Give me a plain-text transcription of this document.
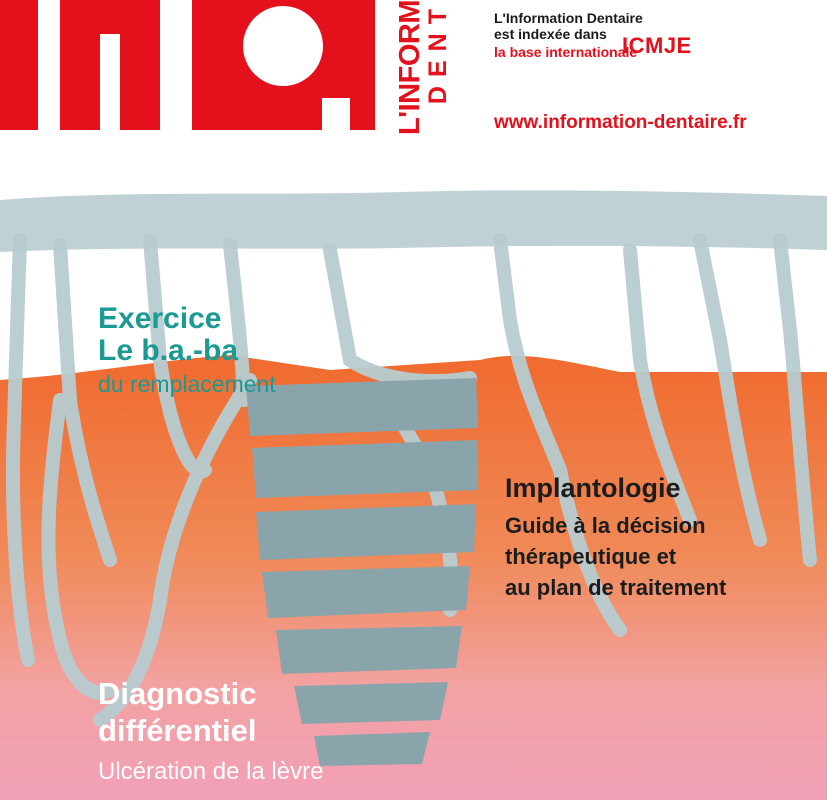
L'INFORM
DENT	L'Information Dentaire
est indexée dans
la base internationale
ICMJE
www.information-dentaire.fr
Exercice
Le b.a.-ba
du remplacement
Implantologie
Guide à la décision
thérapeutique et
au plan de traitement
Diagnostic
différentiel
Ulcération de la lèvre
